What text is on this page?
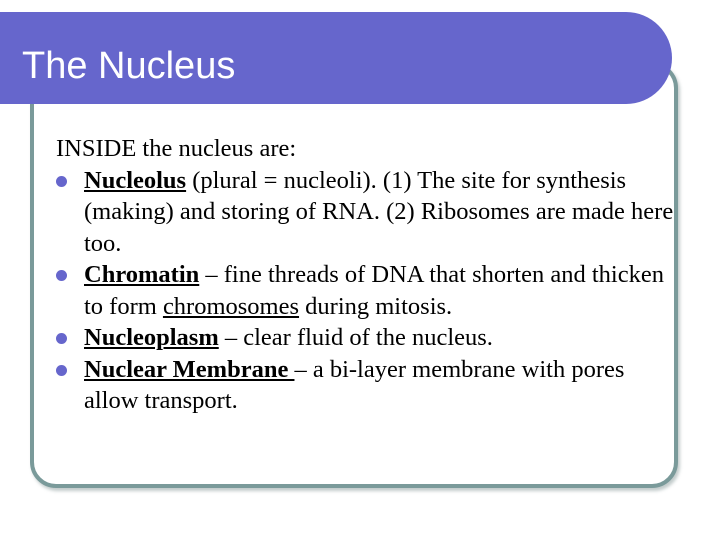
The Nucleus

INSIDE the nucleus are:

Nucleolus (plural = nucleoli). (1) The site for synthesis (making) and storing of RNA. (2) Ribosomes are made here too.
Chromatin – fine threads of DNA that shorten and thicken to form chromosomes during mitosis.
Nucleoplasm – clear fluid of the nucleus.
Nuclear Membrane – a bi-layer membrane with pores allow transport.
